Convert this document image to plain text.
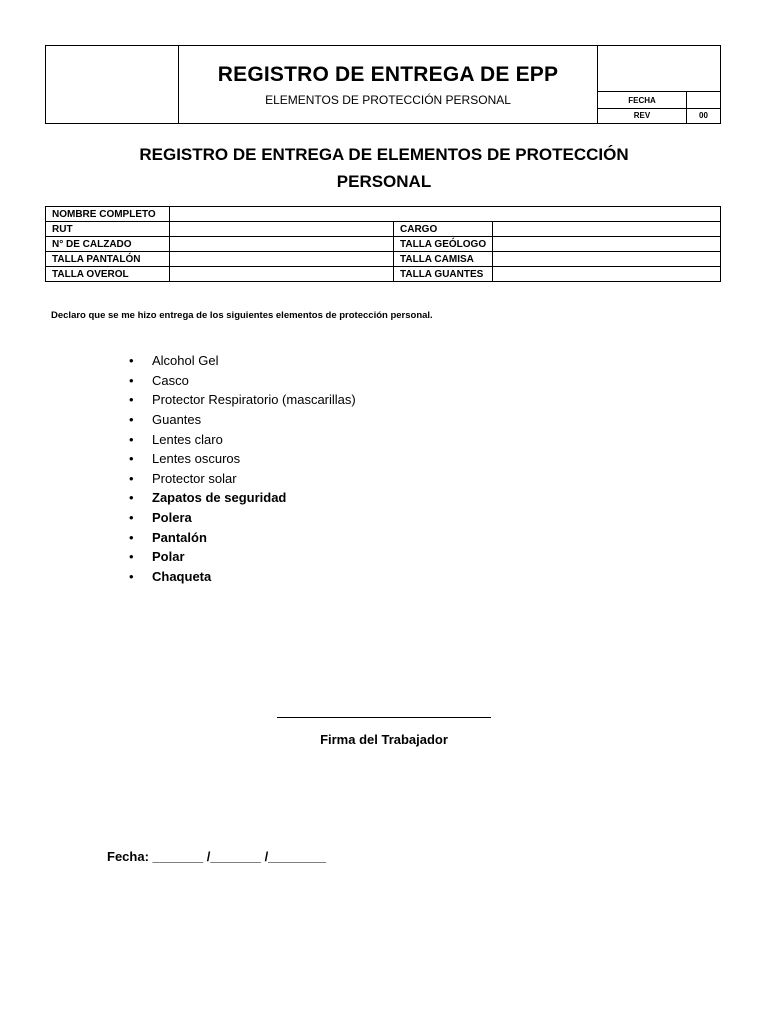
REGISTRO DE ENTREGA DE EPP
ELEMENTOS DE PROTECCIÓN PERSONAL	FECHA
REV	00
REGISTRO DE ENTREGA DE ELEMENTOS DE PROTECCIÓN
PERSONAL
NOMBRE COMPLETO			
RUT		CARGO	
N° DE CALZADO		TALLA GEÓLOGO	
TALLA PANTALÓN		TALLA CAMISA	
TALLA OVEROL		TALLA GUANTES	
Declaro que se me hizo entrega de los siguientes elementos de protección personal.
•	Alcohol Gel
•	Casco
•	Protector Respiratorio (mascarillas)
•	Guantes
•	Lentes claro
•	Lentes oscuros
•	Protector solar
•	Zapatos de seguridad
•	Polera
•	Pantalón
•	Polar
•	Chaqueta
Firma del Trabajador
Fecha: _______ /_______ /________
